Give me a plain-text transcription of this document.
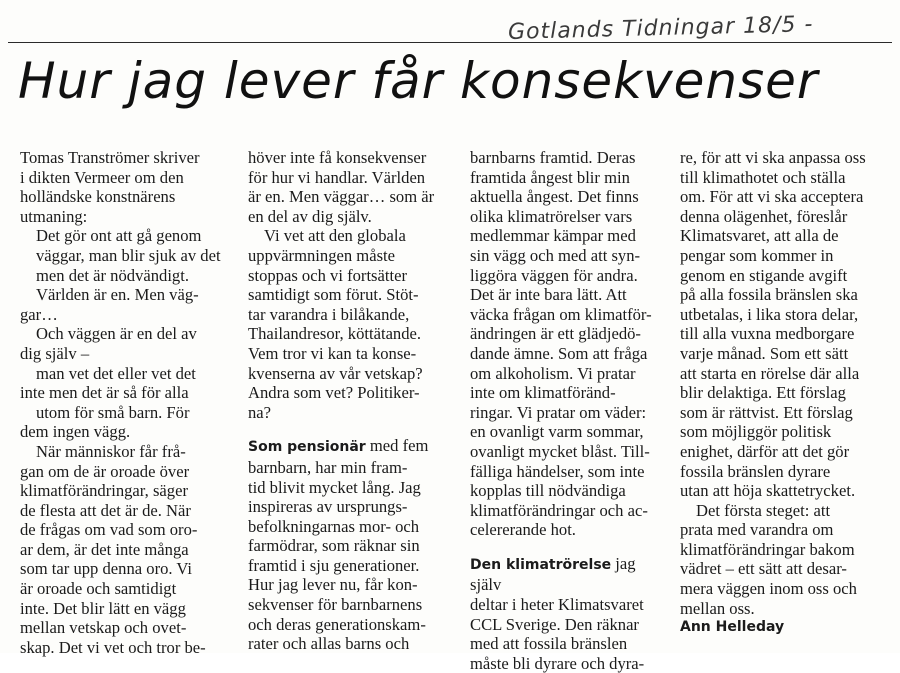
Gotlands Tidningar 18/5 -
Hur jag lever får konsekvenser

Tomas Tranströmer skriver

i dikten Vermeer om den

holländske konstnärens

utmaning:

Det gör ont att gå genom

väggar, man blir sjuk av det

men det är nödvändigt.

Världen är en. Men väg-

gar…

Och väggen är en del av

dig själv –

man vet det eller vet det

inte men det är så för alla

utom för små barn. För

dem ingen vägg.

När människor får frå-

gan om de är oroade över

klimatförändringar, säger

de flesta att det är de. När

de frågas om vad som oro-

ar dem, är det inte många

som tar upp denna oro. Vi

är oroade och samtidigt

inte. Det blir lätt en vägg

mellan vetskap och ovet-

skap. Det vi vet och tror be-

höver inte få konsekvenser

för hur vi handlar. Världen

är en. Men väggar… som är

en del av dig själv.

Vi vet att den globala

uppvärmningen måste

stoppas och vi fortsätter

samtidigt som förut. Stöt-

tar varandra i bilåkande,

Thailandresor, köttätande.

Vem tror vi kan ta konse-

kvenserna av vår vetskap?

Andra som vet? Politiker-

na?

Som pensionär med fem

barnbarn, har min fram-

tid blivit mycket lång. Jag

inspireras av ursprungs-

befolkningarnas mor- och

farmödrar, som räknar sin

framtid i sju generationer.

Hur jag lever nu, får kon-

sekvenser för barnbarnens

och deras generationskam-

rater och allas barns och

barnbarns framtid. Deras

framtida ångest blir min

aktuella ångest. Det finns

olika klimatrörelser vars

medlemmar kämpar med

sin vägg och med att syn-

liggöra väggen för andra.

Det är inte bara lätt. Att

väcka frågan om klimatför-

ändringen är ett glädjedö-

dande ämne. Som att fråga

om alkoholism. Vi pratar

inte om klimatföränd-

ringar. Vi pratar om väder:

en ovanligt varm sommar,

ovanligt mycket blåst. Till-

fälliga händelser, som inte

kopplas till nödvändiga

klimatförändringar och ac-

celererande hot.

Den klimatrörelse jag själv

deltar i heter Klimatsvaret

CCL Sverige. Den räknar

med att fossila bränslen

måste bli dyrare och dyra-

re, för att vi ska anpassa oss

till klimathotet och ställa

om. För att vi ska acceptera

denna olägenhet, föreslår

Klimatsvaret, att alla de

pengar som kommer in

genom en stigande avgift

på alla fossila bränslen ska

utbetalas, i lika stora delar,

till alla vuxna medborgare

varje månad. Som ett sätt

att starta en rörelse där alla

blir delaktiga. Ett förslag

som är rättvist. Ett förslag

som möjliggör politisk

enighet, därför att det gör

fossila bränslen dyrare

utan att höja skattetrycket.

Det första steget: att

prata med varandra om

klimatförändringar bakom

vädret – ett sätt att desar-

mera väggen inom oss och

mellan oss.

Ann Helleday
